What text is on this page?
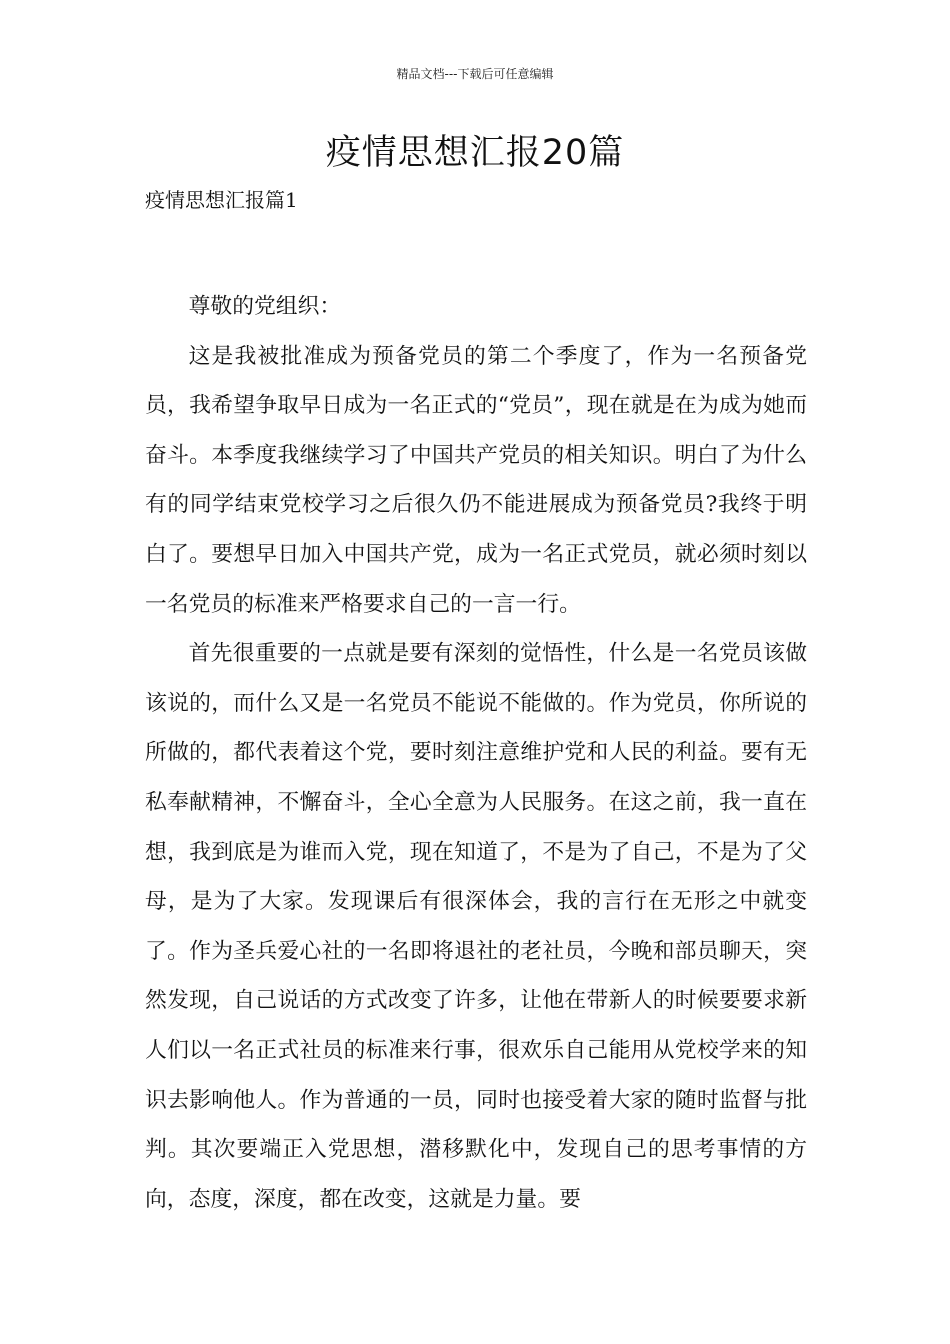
精品文档---下载后可任意编辑
疫情思想汇报20篇
疫情思想汇报篇1

尊敬的党组织：

这是我被批准成为预备党员的第二个季度了，作为一名预备党员，我希望争取早日成为一名正式的“党员”，现在就是在为成为她而奋斗。本季度我继续学习了中国共产党员的相关知识。明白了为什么有的同学结束党校学习之后很久仍不能进展成为预备党员?我终于明白了。要想早日加入中国共产党，成为一名正式党员，就必须时刻以一名党员的标准来严格要求自己的一言一行。

首先很重要的一点就是要有深刻的觉悟性，什么是一名党员该做该说的，而什么又是一名党员不能说不能做的。作为党员，你所说的所做的，都代表着这个党，要时刻注意维护党和人民的利益。要有无私奉献精神，不懈奋斗，全心全意为人民服务。在这之前，我一直在想，我到底是为谁而入党，现在知道了，不是为了自己，不是为了父母，是为了大家。发现课后有很深体会，我的言行在无形之中就变了。作为圣兵爱心社的一名即将退社的老社员，今晚和部员聊天，突然发现，自己说话的方式改变了许多，让他在带新人的时候要要求新人们以一名正式社员的标准来行事，很欢乐自己能用从党校学来的知识去影响他人。作为普通的一员，同时也接受着大家的随时监督与批判。其次要端正入党思想，潜移默化中，发现自己的思考事情的方向，态度，深度，都在改变，这就是力量。要
